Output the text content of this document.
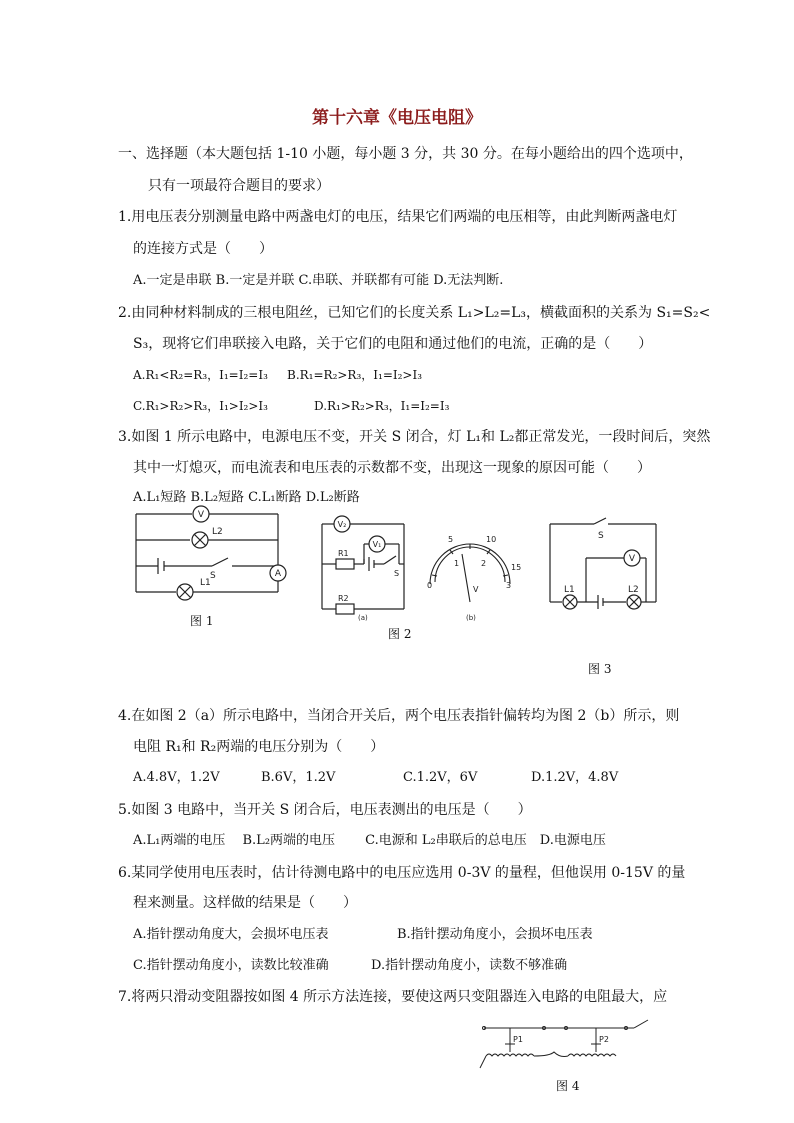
第十六章《电压电阻》
一、选择题（本大题包括 1-10 小题，每小题 3 分，共 30 分。在每小题给出的四个选项中，
只有一项最符合题目的要求）
1.用电压表分别测量电路中两盏电灯的电压，结果它们两端的电压相等，由此判断两盏电灯
的连接方式是（　　）
A.一定是串联 B.一定是并联 C.串联、并联都有可能 D.无法判断.
2.由同种材料制成的三根电阻丝，已知它们的长度关系 L₁>L₂=L₃，横截面积的关系为 S₁=S₂<
S₃，现将它们串联接入电路，关于它们的电阻和通过他们的电流，正确的是（　　）
A.R₁<R₂=R₃，I₁=I₂=I₃ B.R₁=R₂>R₃，I₁=I₂>I₃
C.R₁>R₂>R₃，I₁>I₂>I₃	D.R₁>R₂>R₃，I₁=I₂=I₃
3.如图 1 所示电路中，电源电压不变，开关 S 闭合，灯 L₁和 L₂都正常发光，一段时间后，突然
其中一灯熄灭，而电流表和电压表的示数都不变，出现这一现象的原因可能（　　）
A.L₁短路 B.L₂短路 C.L₁断路 D.L₂断路
V
A
L2
L1
S
图 1
V₂
V₁
R1
R2
S
(a)
5	10
15
0
1	2
3
V
(b)
图 2
V
S
L1	L2
图 3
4.在如图 2（a）所示电路中，当闭合开关后，两个电压表指针偏转均为图 2（b）所示，则
电阻 R₁和 R₂两端的电压分别为（　　）
A.4.8V，1.2V	B.6V，1.2V	C.1.2V，6V	D.1.2V，4.8V
5.如图 3 电路中，当开关 S 闭合后，电压表测出的电压是（　　）
A.L₁两端的电压　 B.L₂两端的电压　　 C.电源和 L₂串联后的总电压　D.电源电压
6.某同学使用电压表时，估计待测电路中的电压应选用 0-3V 的量程，但他误用 0-15V 的量
程来测量。这样做的结果是（　　）
A.指针摆动角度大，会损坏电压表	B.指针摆动角度小，会损坏电压表
C.指针摆动角度小，读数比较准确	D.指针摆动角度小，读数不够准确
7.将两只滑动变阻器按如图 4 所示方法连接，要使这两只变阻器连入电路的电阻最大，应
P1	P2
图 4
